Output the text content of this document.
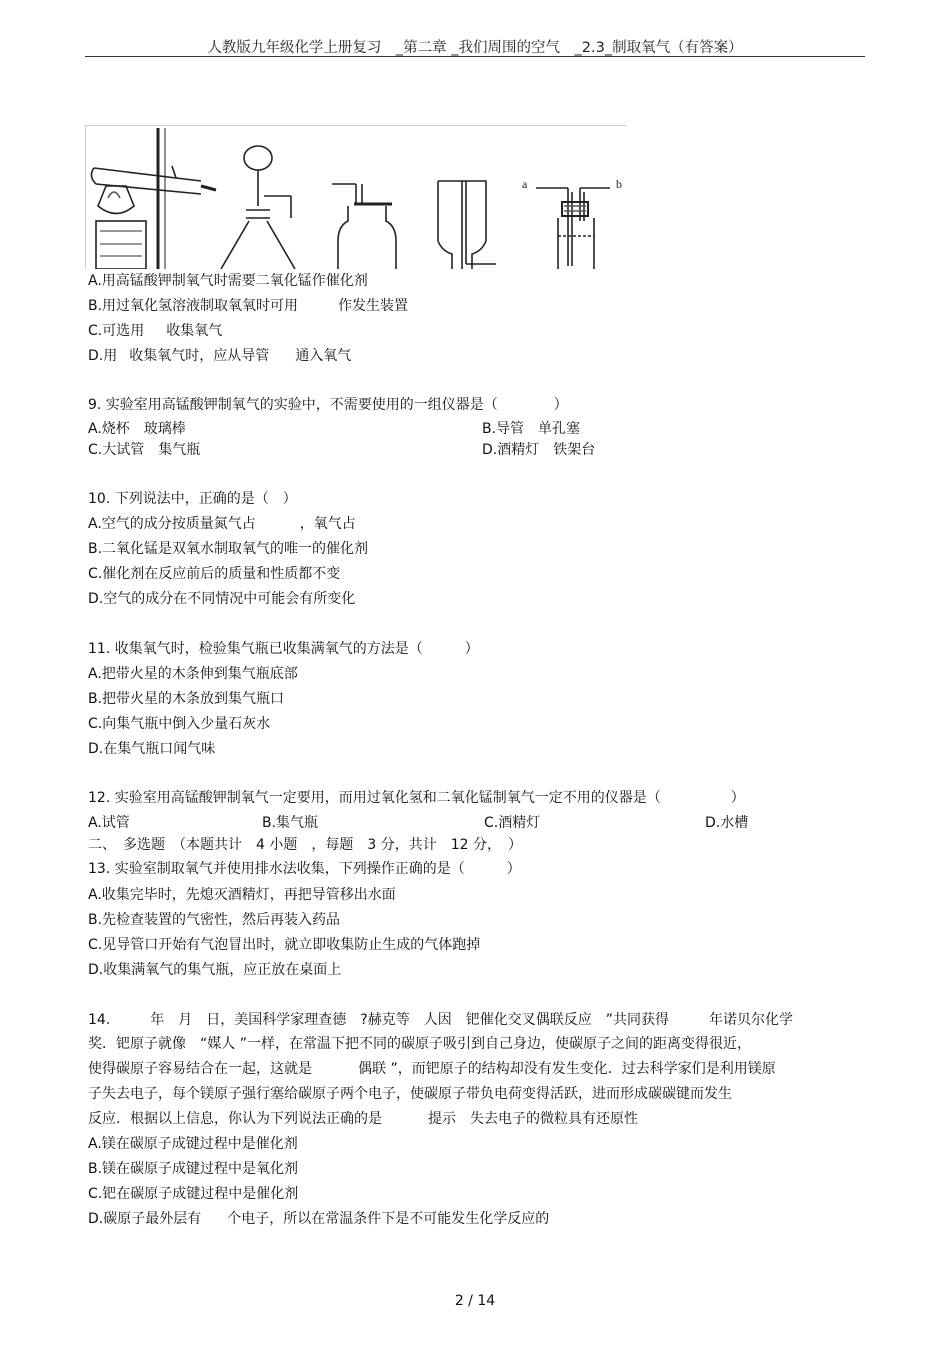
人教版九年级化学上册复习　_第二章 _我们周围的空气　_2.3_制取氧气（有答案）
a	b
A.用高锰酸钾制氧气时需要二氧化锰作催化剂
B.用过氧化氢溶液制取氧氧时可用	作发生装置
C.可选用 收集氧气
D.用 收集氧气时，应从导管 通入氧气
9. 实验室用高锰酸钾制氧气的实验中，不需要使用的一组仪器是（　　　　）
A.烧杯　玻璃棒	B.导管　单孔塞
C.大试管　集气瓶	D.酒精灯　铁架台
10. 下列说法中，正确的是（　）
A.空气的成分按质量氮气占	，氧气占
B.二氧化锰是双氧水制取氧气的唯一的催化剂
C.催化剂在反应前后的质量和性质都不变
D.空气的成分在不同情况中可能会有所变化
11. 收集氧气时，检验集气瓶已收集满氧气的方法是（　　　）
A.把带火星的木条伸到集气瓶底部
B.把带火星的木条放到集气瓶口
C.向集气瓶中倒入少量石灰水
D.在集气瓶口闻气味
12. 实验室用高锰酸钾制氧气一定要用，而用过氧化氢和二氧化锰制氧气一定不用的仪器是（　　　　　）
A.试管	B.集气瓶	C.酒精灯	D.水槽
二、　多选题　（本题共计　4 小题　，每题　3 分，共计　12 分，　）
13. 实验室制取氧气并使用排水法收集，下列操作正确的是（　　　）
A.收集完毕时，先熄灭酒精灯，再把导管移出水面
B.先检查装置的气密性，然后再装入药品
C.见导管口开始有气泡冒出时，就立即收集防止生成的气体跑掉
D.收集满氧气的集气瓶，应正放在桌面上
14.	年　月　日，美国科学家理查德　?赫克等　人因　钯催化交叉偶联反应　”共同获得	年诺贝尔化学
奖．钯原子就像　“媒人 ”一样，在常温下把不同的碳原子吸引到自己身边，使碳原子之间的距离变得很近，
使得碳原子容易结合在一起，这就是	偶联 ”，而钯原子的结构却没有发生变化．过去科学家们是利用镁原
子失去电子，每个镁原子强行塞给碳原子两个电子，使碳原子带负电荷变得活跃，进而形成碳碳键而发生
反应．根据以上信息，你认为下列说法正确的是	提示　失去电子的微粒具有还原性
A.镁在碳原子成键过程中是催化剂
B.镁在碳原子成键过程中是氧化剂
C.钯在碳原子成键过程中是催化剂
D.碳原子最外层有 个电子，所以在常温条件下是不可能发生化学反应的
2 / 14
